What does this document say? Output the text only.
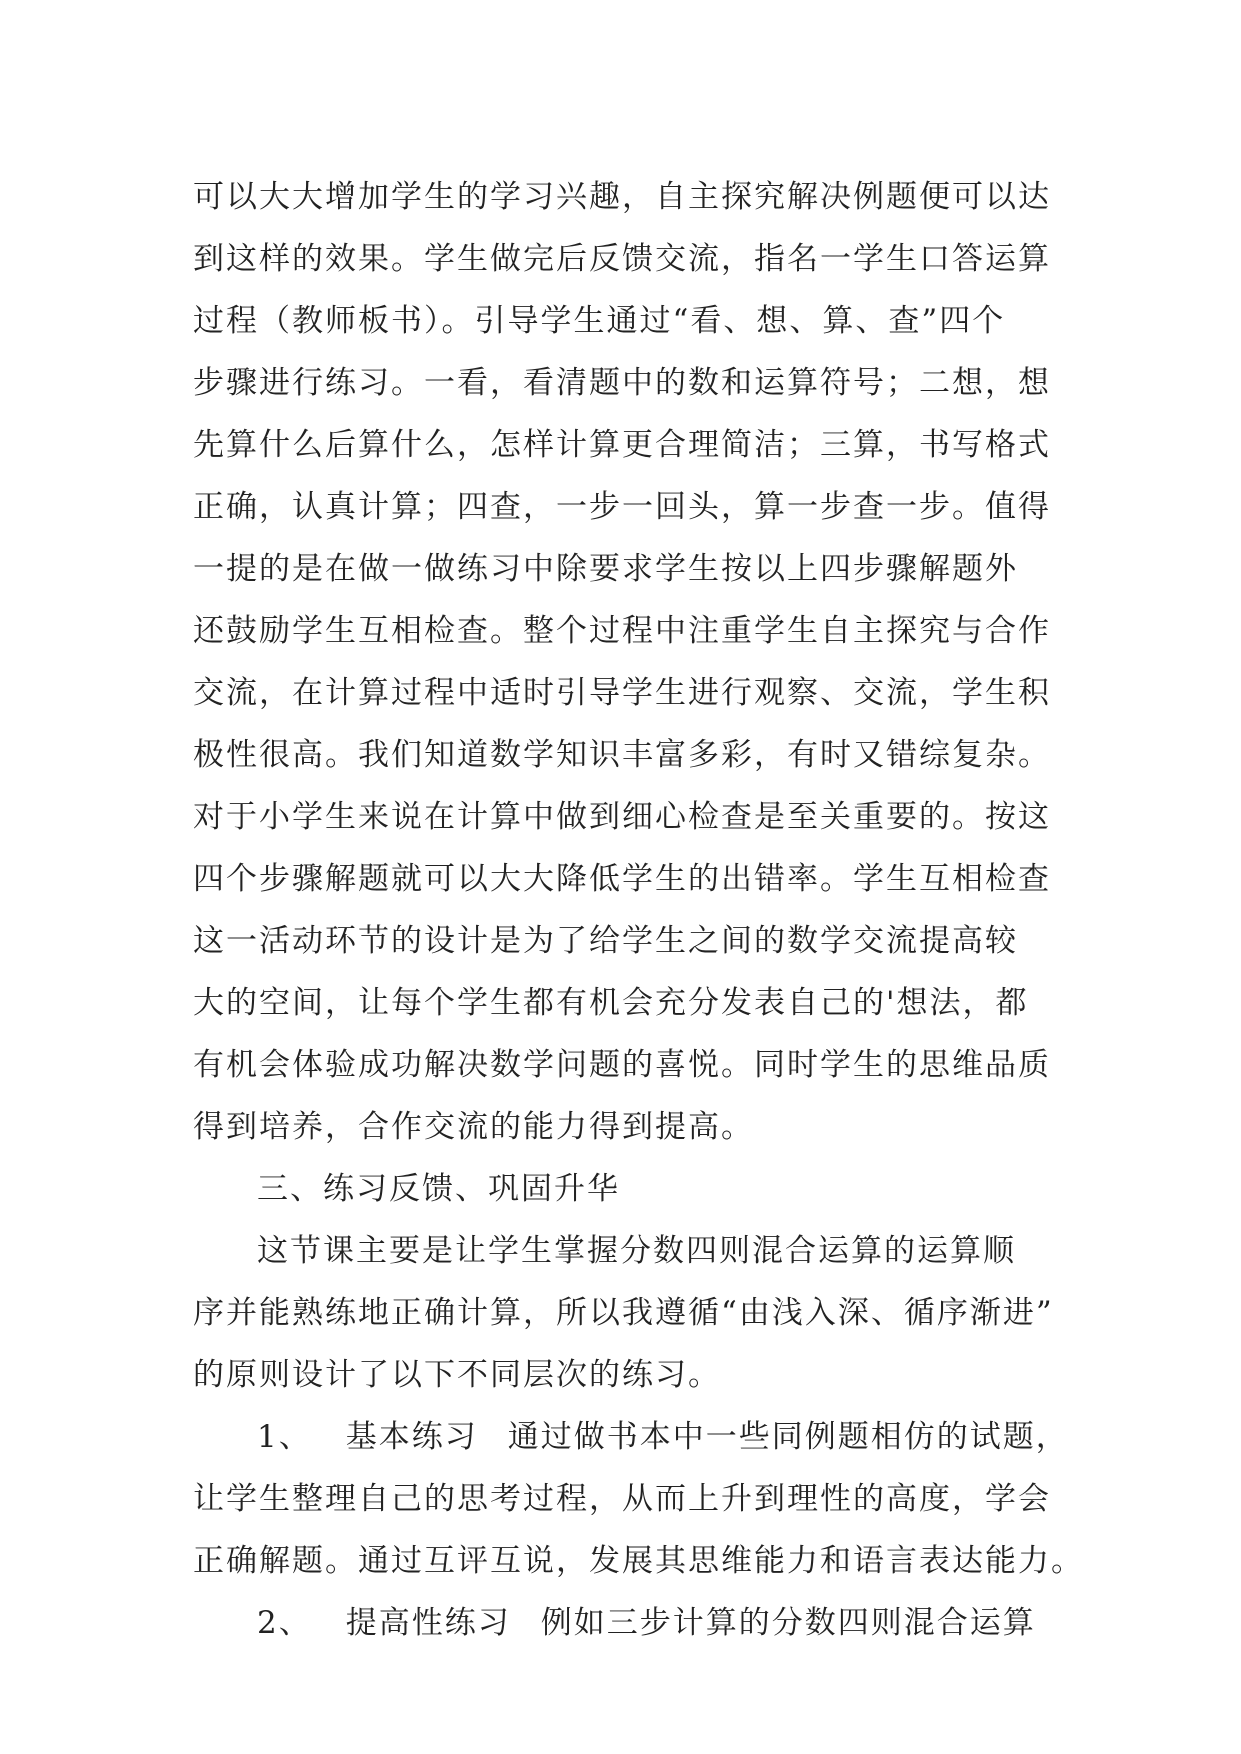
可以大大增加学生的学习兴趣，自主探究解决例题便可以达

到这样的效果。学生做完后反馈交流，指名一学生口答运算

过程（教师板书）。引导学生通过“看、想、算、查”四个

步骤进行练习。一看，看清题中的数和运算符号；二想，想

先算什么后算什么，怎样计算更合理简洁；三算，书写格式

正确，认真计算；四查，一步一回头，算一步查一步。值得

一提的是在做一做练习中除要求学生按以上四步骤解题外

还鼓励学生互相检查。整个过程中注重学生自主探究与合作

交流，在计算过程中适时引导学生进行观察、交流，学生积

极性很高。我们知道数学知识丰富多彩，有时又错综复杂。

对于小学生来说在计算中做到细心检查是至关重要的。按这

四个步骤解题就可以大大降低学生的出错率。学生互相检查

这一活动环节的设计是为了给学生之间的数学交流提高较

大的空间，让每个学生都有机会充分发表自己的'想法，都

有机会体验成功解决数学问题的喜悦。同时学生的思维品质

得到培养，合作交流的能力得到提高。

三、练习反馈、巩固升华

这节课主要是让学生掌握分数四则混合运算的运算顺

序并能熟练地正确计算，所以我遵循“由浅入深、循序渐进”

的原则设计了以下不同层次的练习。

1、 基本练习 通过做书本中一些同例题相仿的试题，

让学生整理自己的思考过程，从而上升到理性的高度，学会

正确解题。通过互评互说，发展其思维能力和语言表达能力。

2、 提高性练习 例如三步计算的分数四则混合运算
